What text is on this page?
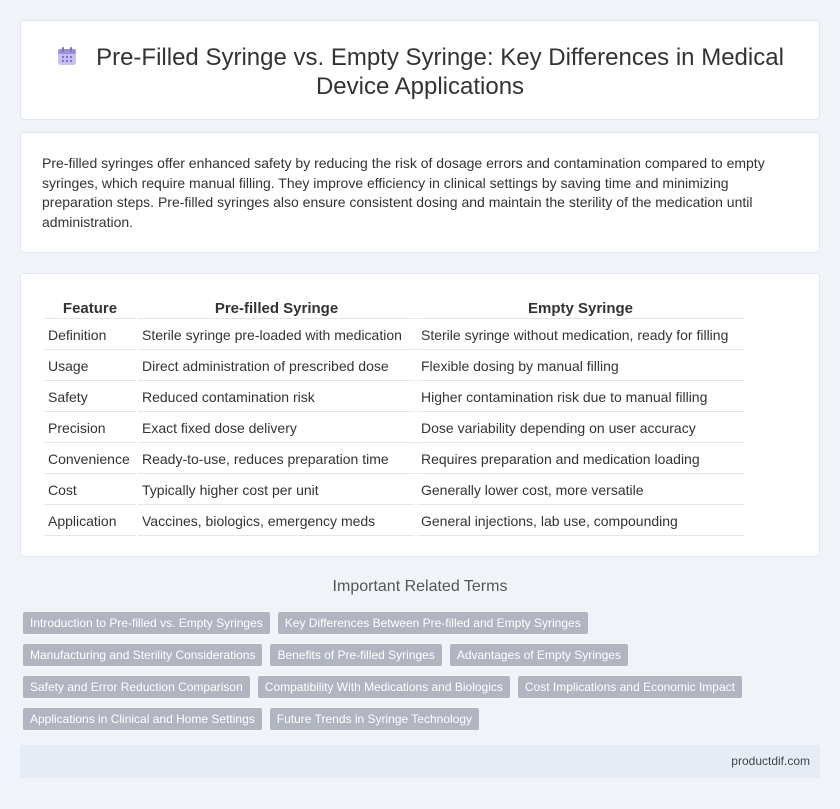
Pre-Filled Syringe vs. Empty Syringe: Key Differences in Medical Device Applications

Pre-filled syringes offer enhanced safety by reducing the risk of dosage errors and contamination compared to empty syringes, which require manual filling. They improve efficiency in clinical settings by saving time and minimizing preparation steps. Pre-filled syringes also ensure consistent dosing and maintain the sterility of the medication until administration.

Feature	Pre-filled Syringe	Empty Syringe
Definition	Sterile syringe pre-loaded with medication	Sterile syringe without medication, ready for filling
Usage	Direct administration of prescribed dose	Flexible dosing by manual filling
Safety	Reduced contamination risk	Higher contamination risk due to manual filling
Precision	Exact fixed dose delivery	Dose variability depending on user accuracy
Convenience	Ready-to-use, reduces preparation time	Requires preparation and medication loading
Cost	Typically higher cost per unit	Generally lower cost, more versatile
Application	Vaccines, biologics, emergency meds	General injections, lab use, compounding
Important Related Terms
Introduction to Pre-filled vs. Empty Syringes	Key Differences Between Pre-filled and Empty Syringes
Manufacturing and Sterility Considerations	Benefits of Pre-filled Syringes	Advantages of Empty Syringes
Safety and Error Reduction Comparison	Compatibility With Medications and Biologics	Cost Implications and Economic Impact
Applications in Clinical and Home Settings	Future Trends in Syringe Technology
productdif.com
